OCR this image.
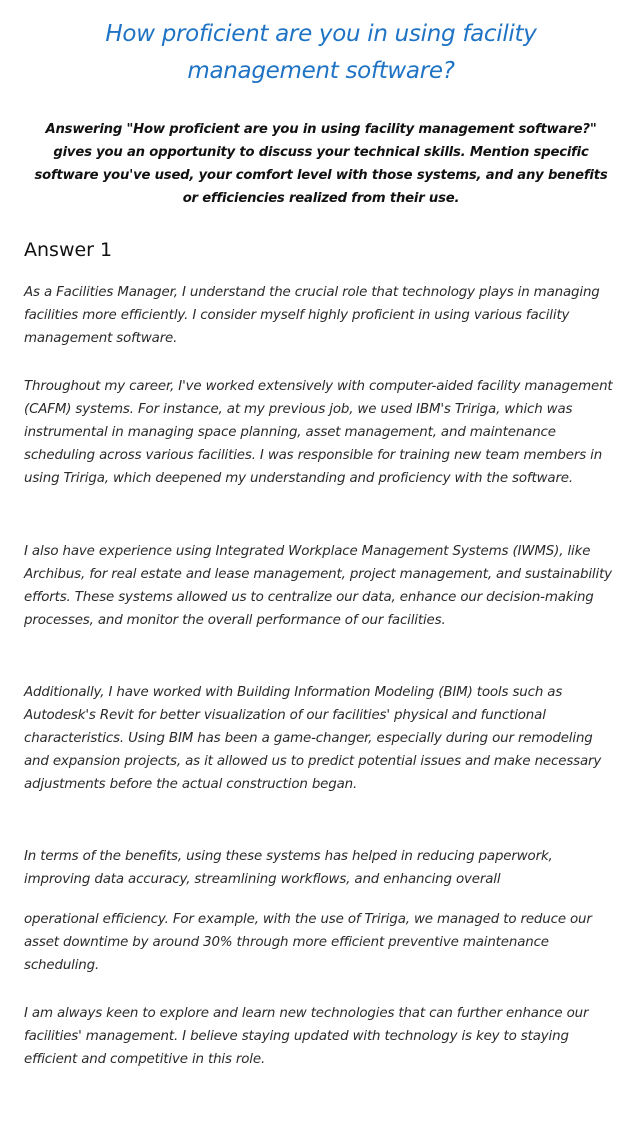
How proficient are you in using facility management software?

Answering "How proficient are you in using facility management software?" gives you an opportunity to discuss your technical skills. Mention specific software you've used, your comfort level with those systems, and any benefits or efficiencies realized from their use.

Answer 1

As a Facilities Manager, I understand the crucial role that technology plays in managing facilities more efficiently. I consider myself highly proficient in using various facility management software.

Throughout my career, I've worked extensively with computer-aided facility management (CAFM) systems. For instance, at my previous job, we used IBM's Tririga, which was instrumental in managing space planning, asset management, and maintenance scheduling across various facilities. I was responsible for training new team members in using Tririga, which deepened my understanding and proficiency with the software.

I also have experience using Integrated Workplace Management Systems (IWMS), like Archibus, for real estate and lease management, project management, and sustainability efforts. These systems allowed us to centralize our data, enhance our decision-making processes, and monitor the overall performance of our facilities.

Additionally, I have worked with Building Information Modeling (BIM) tools such as Autodesk's Revit for better visualization of our facilities' physical and functional characteristics. Using BIM has been a game-changer, especially during our remodeling and expansion projects, as it allowed us to predict potential issues and make necessary adjustments before the actual construction began.

In terms of the benefits, using these systems has helped in reducing paperwork, improving data accuracy, streamlining workflows, and enhancing overall

operational efficiency. For example, with the use of Tririga, we managed to reduce our asset downtime by around 30% through more efficient preventive maintenance scheduling.

I am always keen to explore and learn new technologies that can further enhance our facilities' management. I believe staying updated with technology is key to staying efficient and competitive in this role.
